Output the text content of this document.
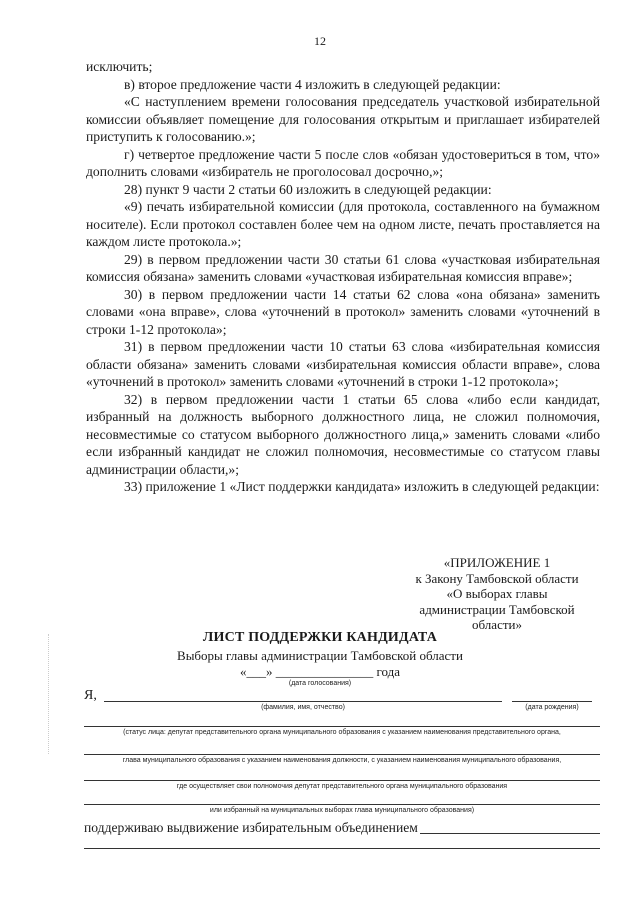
12

исключить;

в) второе предложение части 4 изложить в следующей редакции:

«С наступлением времени голосования председатель участковой избирательной комиссии объявляет помещение для голосования открытым и приглашает избирателей приступить к голосованию.»;

г) четвертое предложение части 5 после слов «обязан удостовериться в том, что» дополнить словами «избиратель не проголосовал досрочно,»;

28) пункт 9 части 2 статьи 60 изложить в следующей редакции:

«9) печать избирательной комиссии (для протокола, составленного на бумажном носителе). Если протокол составлен более чем на одном листе, печать проставляется на каждом листе протокола.»;

29) в первом предложении части 30 статьи 61 слова «участковая избирательная комиссия обязана» заменить словами «участковая избирательная комиссия вправе»;

30) в первом предложении части 14 статьи 62 слова «она обязана» заменить словами «она вправе», слова «уточнений в протокол» заменить словами «уточнений в строки 1-12 протокола»;

31) в первом предложении части 10 статьи 63 слова «избирательная комиссия области обязана» заменить словами «избирательная комиссия области вправе», слова «уточнений в протокол» заменить словами «уточнений в строки 1-12 протокола»;

32) в первом предложении части 1 статьи 65 слова «либо если кандидат, избранный на должность выборного должностного лица, не сложил полномочия, несовместимые со статусом выборного должностного лица,» заменить словами «либо если избранный кандидат не сложил полномочия, несовместимые со статусом главы администрации области,»;

33) приложение 1 «Лист поддержки кандидата» изложить в следующей редакции:

«ПРИЛОЖЕНИЕ 1
к Закону Тамбовской области
«О выборах главы
администрации Тамбовской
области»
ЛИСТ ПОДДЕРЖКИ КАНДИДАТА
Выборы главы администрации Тамбовской области
«___» _______________ года
(дата голосования)
Я,
(фамилия, имя, отчество)	(дата рождения)
(статус лица: депутат представительного органа муниципального образования с указанием наименования представительного органа,
глава муниципального образования с указанием наименования должности, с указанием наименования муниципального образования,
где осуществляет свои полномочия депутат представительного органа муниципального образования
или избранный на муниципальных выборах глава муниципального образования)
поддерживаю выдвижение избирательным объединением
